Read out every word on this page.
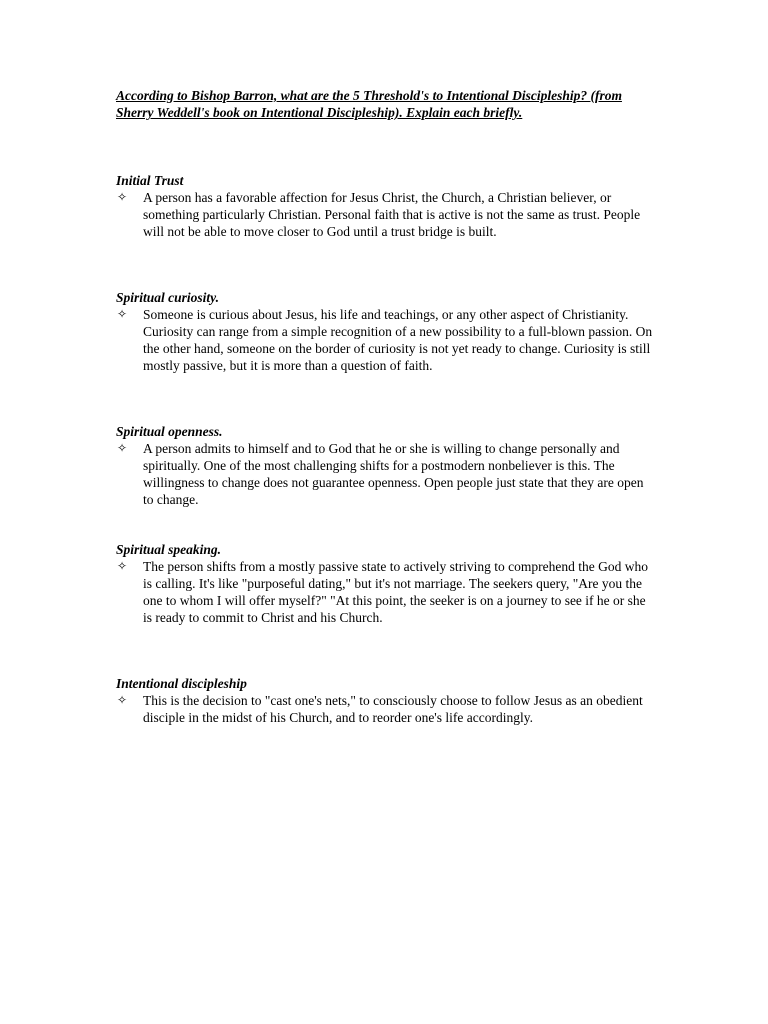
According to Bishop Barron, what are the 5 Threshold's to Intentional Discipleship? (from Sherry Weddell's book on Intentional Discipleship). Explain each briefly.
Initial Trust
✧	A person has a favorable affection for Jesus Christ, the Church, a Christian believer, or something particularly Christian. Personal faith that is active is not the same as trust. People will not be able to move closer to God until a trust bridge is built.
Spiritual curiosity.
✧	Someone is curious about Jesus, his life and teachings, or any other aspect of Christianity. Curiosity can range from a simple recognition of a new possibility to a full-blown passion. On the other hand, someone on the border of curiosity is not yet ready to change. Curiosity is still mostly passive, but it is more than a question of faith.
Spiritual openness.
✧	A person admits to himself and to God that he or she is willing to change personally and spiritually. One of the most challenging shifts for a postmodern nonbeliever is this. The willingness to change does not guarantee openness. Open people just state that they are open to change.
Spiritual speaking.
✧	The person shifts from a mostly passive state to actively striving to comprehend the God who is calling. It's like "purposeful dating," but it's not marriage. The seekers query, "Are you the one to whom I will offer myself?" "At this point, the seeker is on a journey to see if he or she is ready to commit to Christ and his Church.
Intentional discipleship
✧	This is the decision to "cast one's nets," to consciously choose to follow Jesus as an obedient disciple in the midst of his Church, and to reorder one's life accordingly.
